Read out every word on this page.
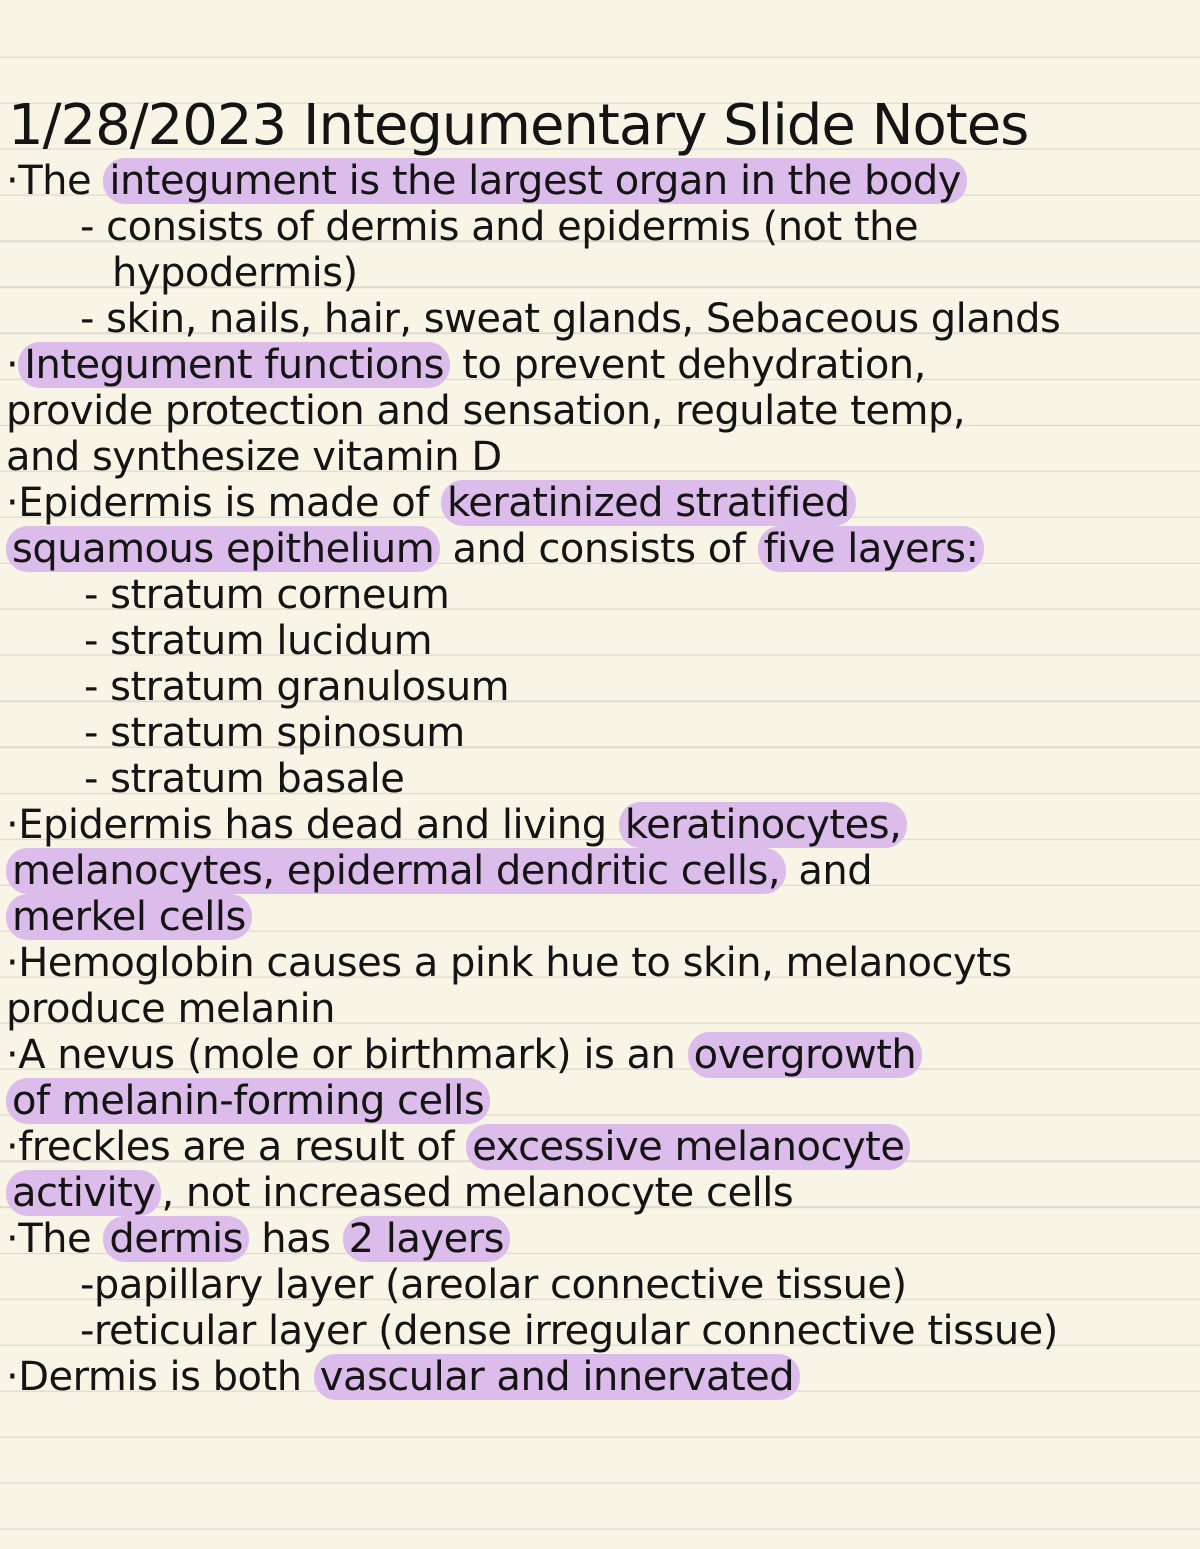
1/28/2023 Integumentary Slide Notes
·The integument is the largest organ in the body
- consists of dermis and epidermis (not the
hypodermis)
- skin, nails, hair, sweat glands, Sebaceous glands
· Integument functions to prevent dehydration,
provide protection and sensation, regulate temp,
and synthesize vitamin D
·Epidermis is made of keratinized stratified
squamous epithelium and consists of five layers:
- stratum corneum
- stratum lucidum
- stratum granulosum
- stratum spinosum
- stratum basale
·Epidermis has dead and living keratinocytes,
melanocytes, epidermal dendritic cells, and
merkel cells
·Hemoglobin causes a pink hue to skin, melanocyts
produce melanin
·A nevus (mole or birthmark) is an overgrowth
of melanin-forming cells
·freckles are a result of excessive melanocyte
activity , not increased melanocyte cells
·The dermis has 2 layers
-papillary layer (areolar connective tissue)
-reticular layer (dense irregular connective tissue)
·Dermis is both vascular and innervated
